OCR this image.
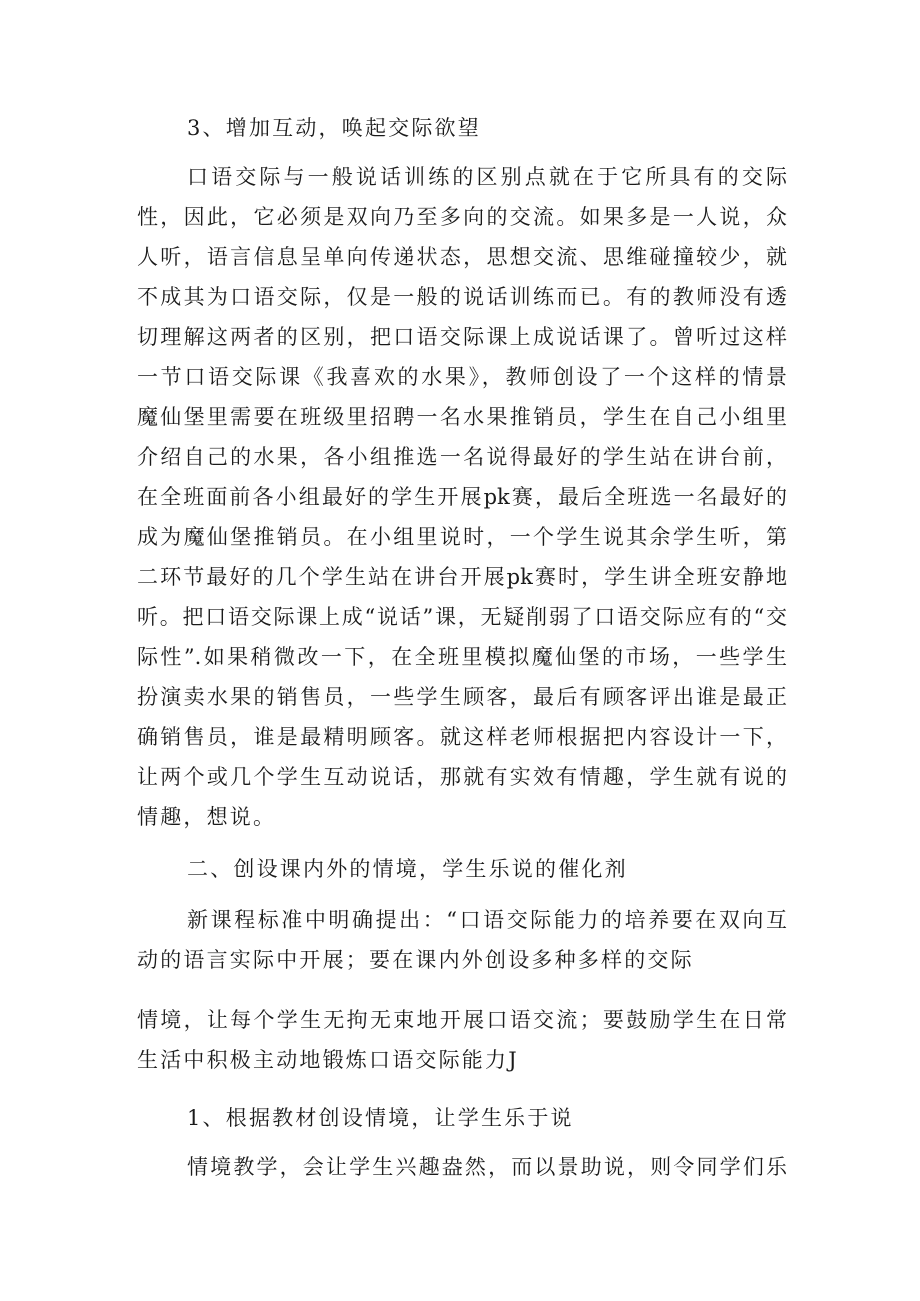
3、增加互动，唤起交际欲望
口语交际与一般说话训练的区别点就在于它所具有的交际
性，因此，它必须是双向乃至多向的交流。如果多是一人说，众
人听，语言信息呈单向传递状态，思想交流、思维碰撞较少，就
不成其为口语交际，仅是一般的说话训练而已。有的教师没有透
切理解这两者的区别，把口语交际课上成说话课了。曾听过这样
一节口语交际课《我喜欢的水果》，教师创设了一个这样的情景
魔仙堡里需要在班级里招聘一名水果推销员，学生在自己小组里
介绍自己的水果，各小组推选一名说得最好的学生站在讲台前，
在全班面前各小组最好的学生开展pk赛，最后全班选一名最好的
成为魔仙堡推销员。在小组里说时，一个学生说其余学生听，第
二环节最好的几个学生站在讲台开展pk赛时，学生讲全班安静地
听。把口语交际课上成“说话”课，无疑削弱了口语交际应有的“交
际性”.如果稍微改一下，在全班里模拟魔仙堡的市场，一些学生
扮演卖水果的销售员，一些学生顾客，最后有顾客评出谁是最正
确销售员，谁是最精明顾客。就这样老师根据把内容设计一下，
让两个或几个学生互动说话，那就有实效有情趣，学生就有说的
情趣，想说。
二、创设课内外的情境，学生乐说的催化剂
新课程标准中明确提出：“口语交际能力的培养要在双向互
动的语言实际中开展；要在课内外创设多种多样的交际
情境，让每个学生无拘无束地开展口语交流；要鼓励学生在日常
生活中积极主动地锻炼口语交际能力J
1、根据教材创设情境，让学生乐于说
情境教学，会让学生兴趣盎然，而以景助说，则令同学们乐
